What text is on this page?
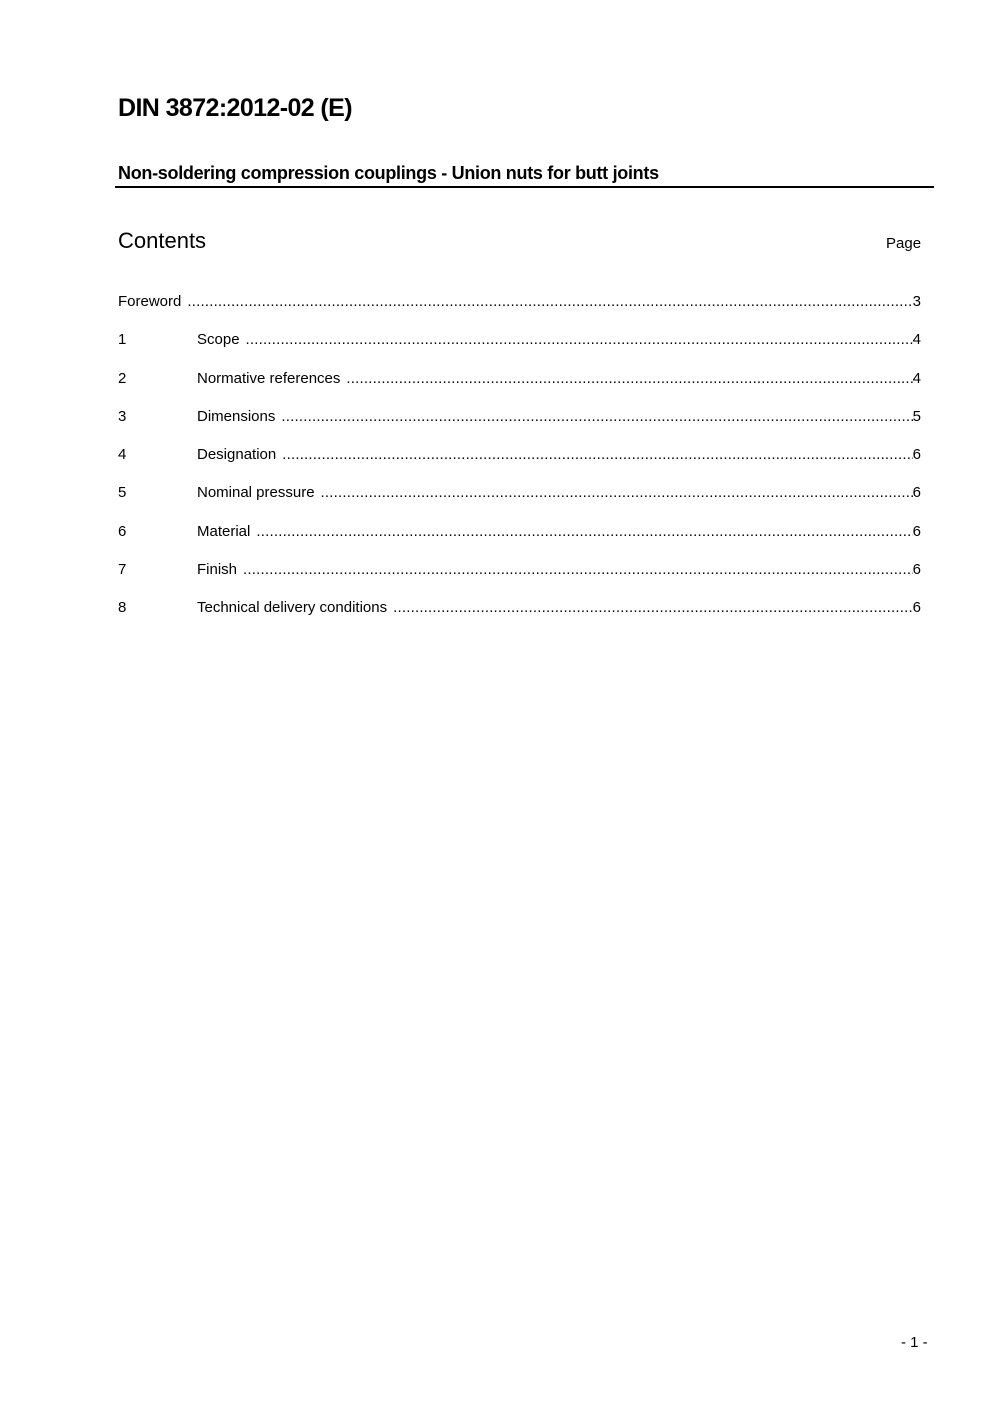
DIN 3872:2012-02 (E)
Non-soldering compression couplings - Union nuts for butt joints
Contents	Page
Foreword .....	3
1	Scope .....	4
2	Normative references .....	4
3	Dimensions .....	5
4	Designation .....	6
5	Nominal pressure .....	6
6	Material .....	6
7	Finish .....	6
8	Technical delivery conditions .....	6
- 1 -
